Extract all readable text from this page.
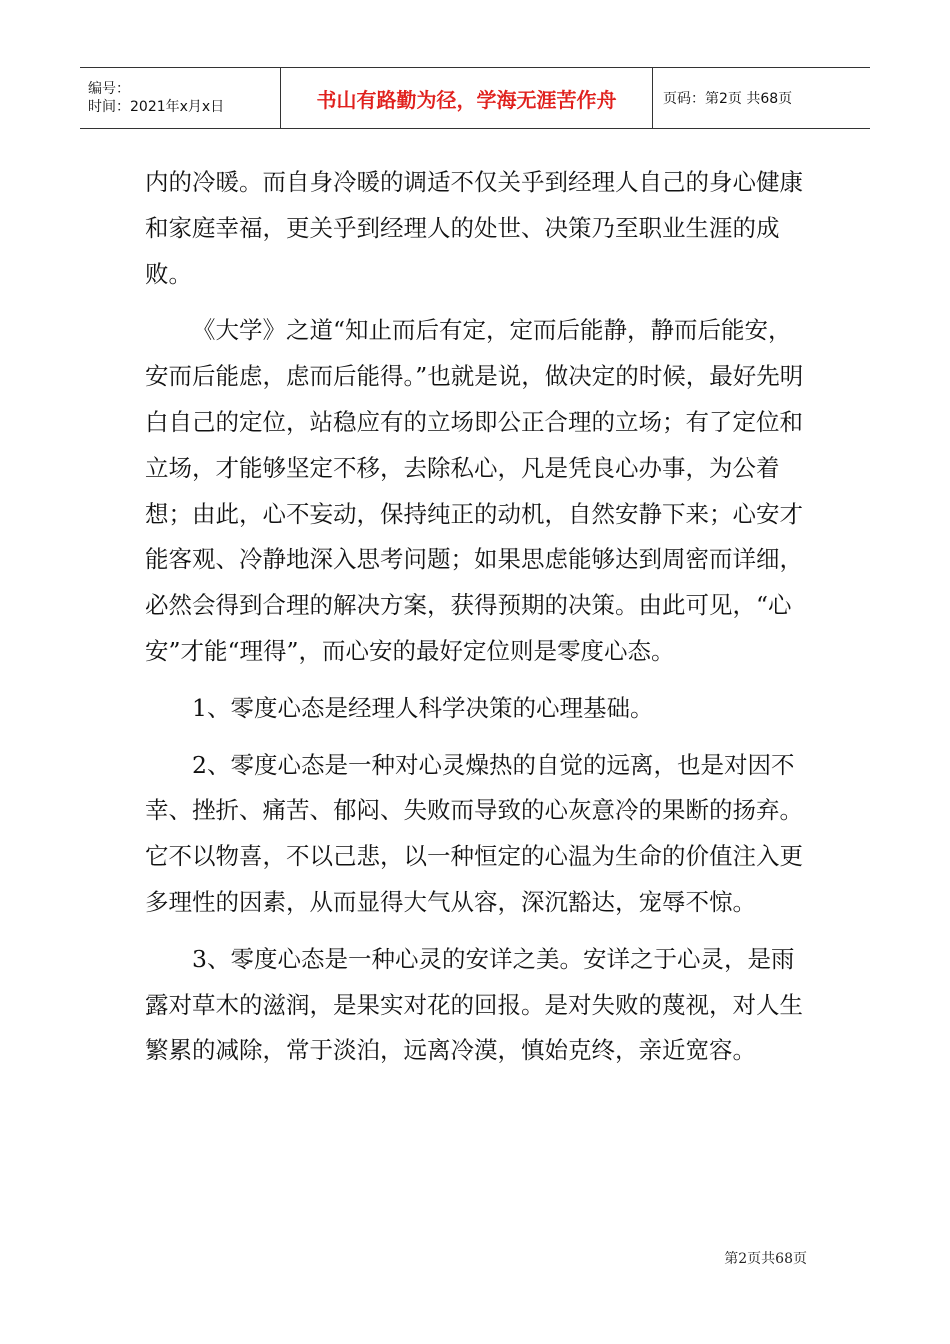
编号：
时间：2021年x月x日	书山有路勤为径，学海无涯苦作舟	页码：第2页 共68页

内的冷暖。而自身冷暖的调适不仅关乎到经理人自己的身心健康和家庭幸福，更关乎到经理人的处世、决策乃至职业生涯的成败。

《大学》之道“知止而后有定，定而后能静，静而后能安，安而后能虑，虑而后能得。”也就是说，做决定的时候，最好先明白自己的定位，站稳应有的立场即公正合理的立场；有了定位和立场，才能够坚定不移，去除私心，凡是凭良心办事，为公着想；由此，心不妄动，保持纯正的动机，自然安静下来；心安才能客观、冷静地深入思考问题；如果思虑能够达到周密而详细，必然会得到合理的解决方案，获得预期的决策。由此可见，“心安”才能“理得”，而心安的最好定位则是零度心态。

1、零度心态是经理人科学决策的心理基础。

2、零度心态是一种对心灵燥热的自觉的远离，也是对因不幸、挫折、痛苦、郁闷、失败而导致的心灰意冷的果断的扬弃。它不以物喜，不以己悲，以一种恒定的心温为生命的价值注入更多理性的因素，从而显得大气从容，深沉豁达，宠辱不惊。

3、零度心态是一种心灵的安详之美。安详之于心灵，是雨露对草木的滋润，是果实对花的回报。是对失败的蔑视，对人生繁累的减除，常于淡泊，远离冷漠，慎始克终，亲近宽容。

第2页共68页
